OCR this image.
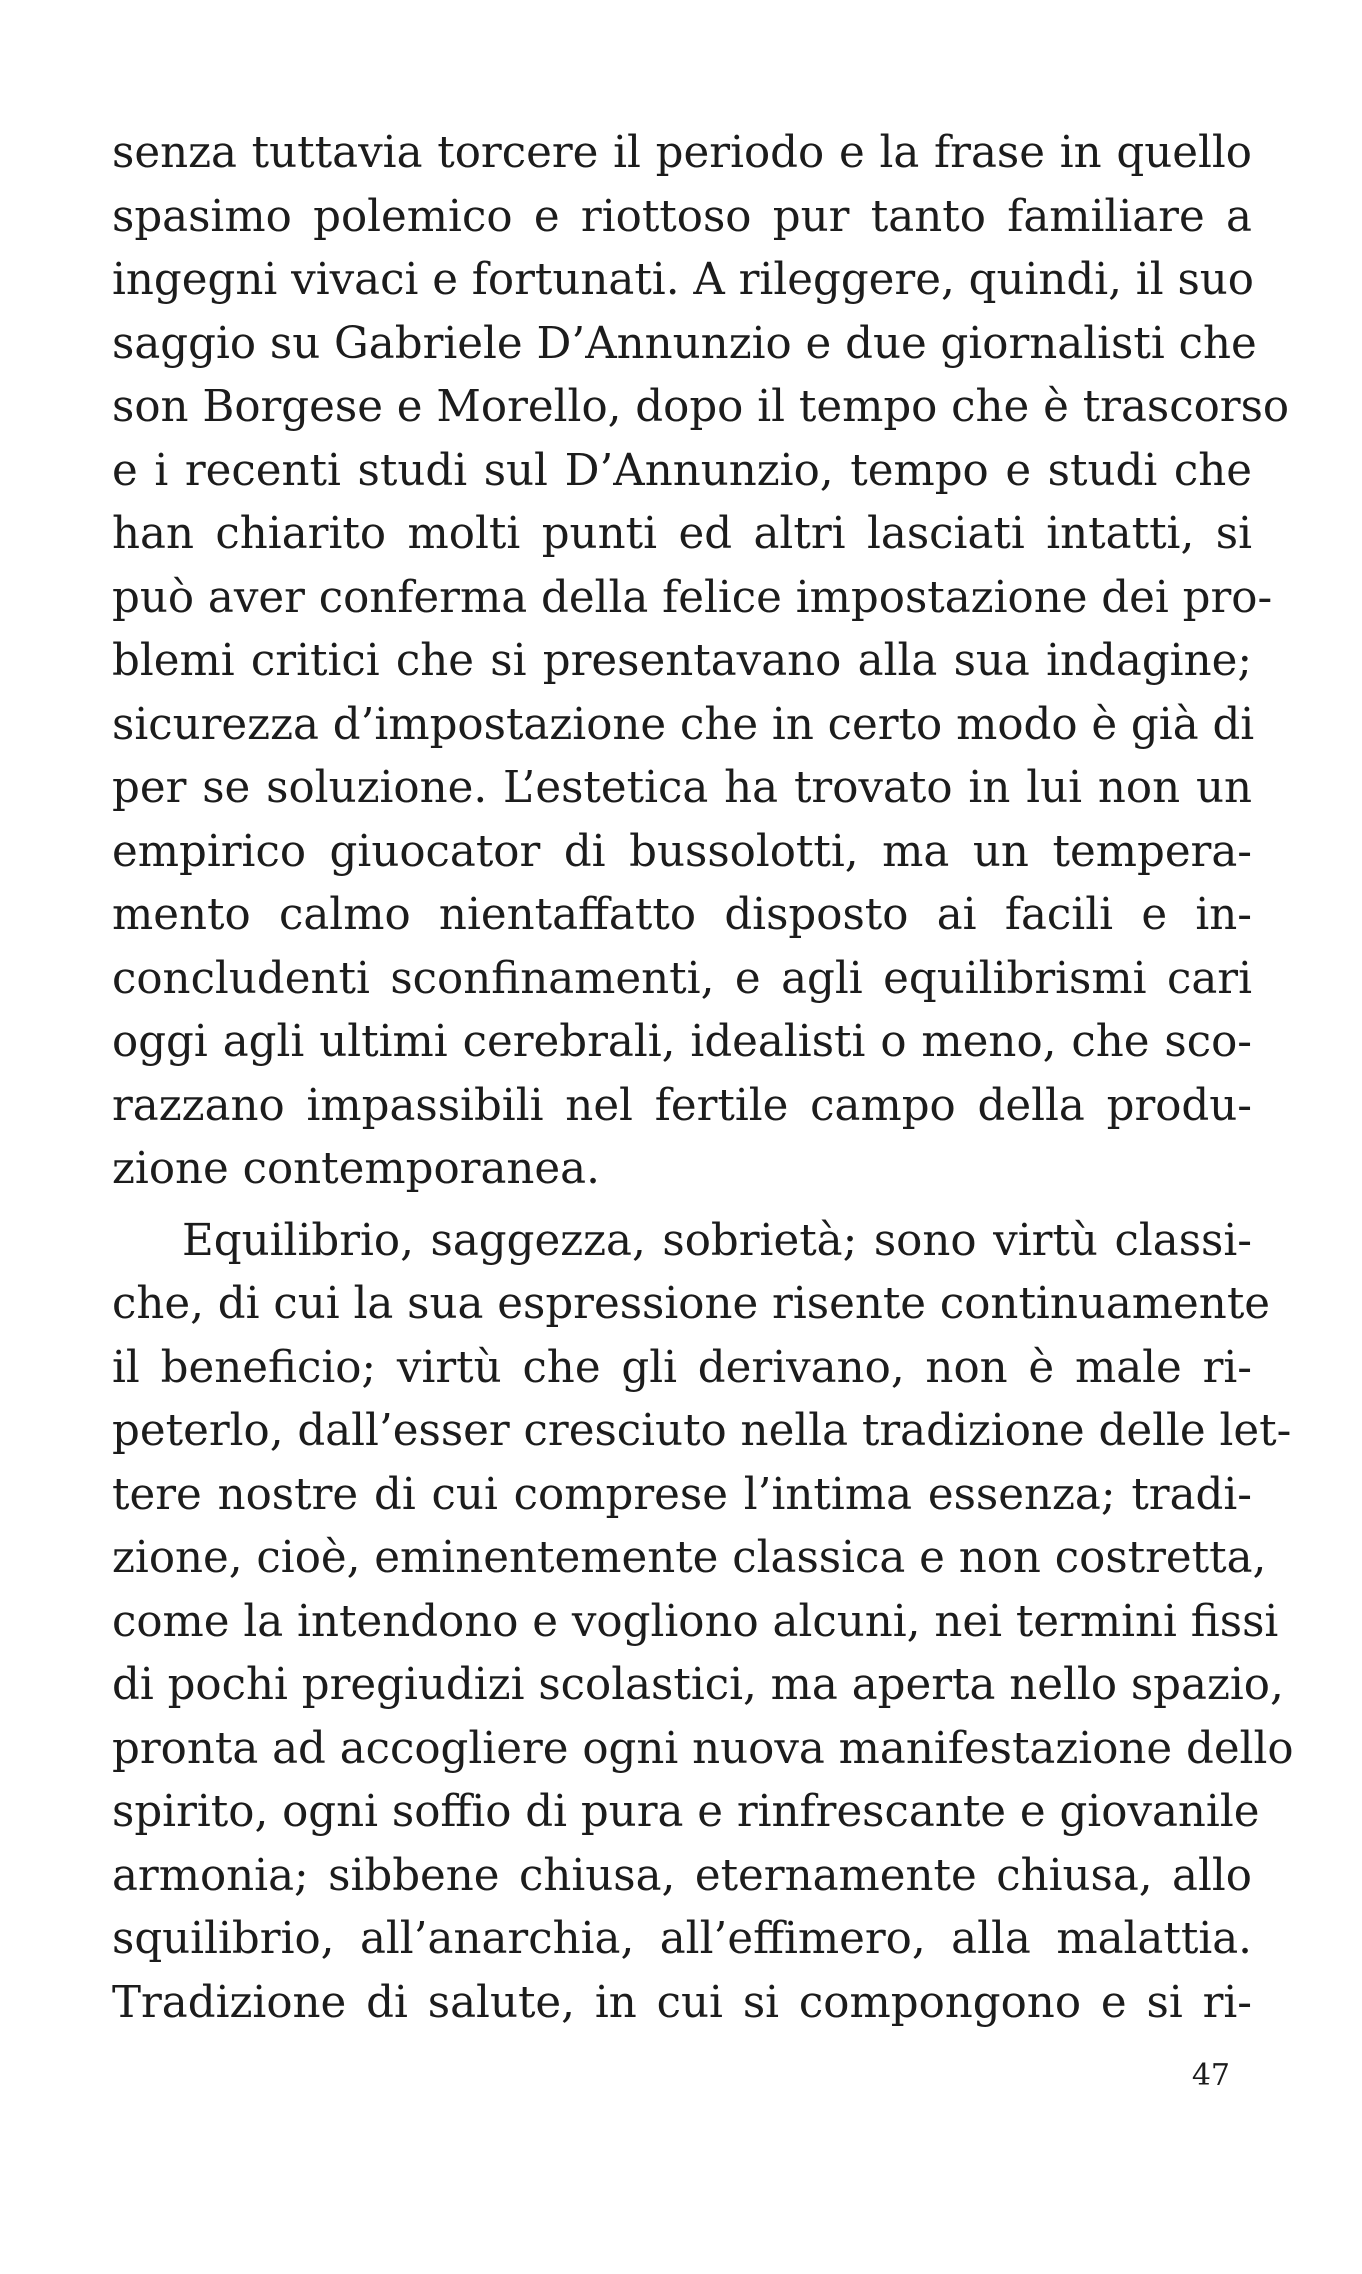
senza tuttavia torcere il periodo e la frase in quello
spasimo polemico e riottoso pur tanto familiare a
ingegni vivaci e fortunati. A rileggere, quindi, il suo
saggio su Gabriele D’Annunzio e due giornalisti che
son Borgese e Morello, dopo il tempo che è trascorso
e i recenti studi sul D’Annunzio, tempo e studi che
han chiarito molti punti ed altri lasciati intatti, si
può aver conferma della felice impostazione dei pro-
blemi critici che si presentavano alla sua indagine;
sicurezza d’impostazione che in certo modo è già di
per se soluzione. L’estetica ha trovato in lui non un
empirico giuocator di bussolotti, ma un tempera-
mento calmo nientaffatto disposto ai facili e in-
concludenti sconfinamenti, e agli equilibrismi cari
oggi agli ultimi cerebrali, idealisti o meno, che sco-
razzano impassibili nel fertile campo della produ-
zione contemporanea.
Equilibrio, saggezza, sobrietà; sono virtù classi-
che, di cui la sua espressione risente continuamente
il beneficio; virtù che gli derivano, non è male ri-
peterlo, dall’esser cresciuto nella tradizione delle let-
tere nostre di cui comprese l’intima essenza; tradi-
zione, cioè, eminentemente classica e non costretta,
come la intendono e vogliono alcuni, nei termini fissi
di pochi pregiudizi scolastici, ma aperta nello spazio,
pronta ad accogliere ogni nuova manifestazione dello
spirito, ogni soffio di pura e rinfrescante e giovanile
armonia; sibbene chiusa, eternamente chiusa, allo
squilibrio, all’anarchia, all’effimero, alla malattia.
Tradizione di salute, in cui si compongono e si ri-
47
